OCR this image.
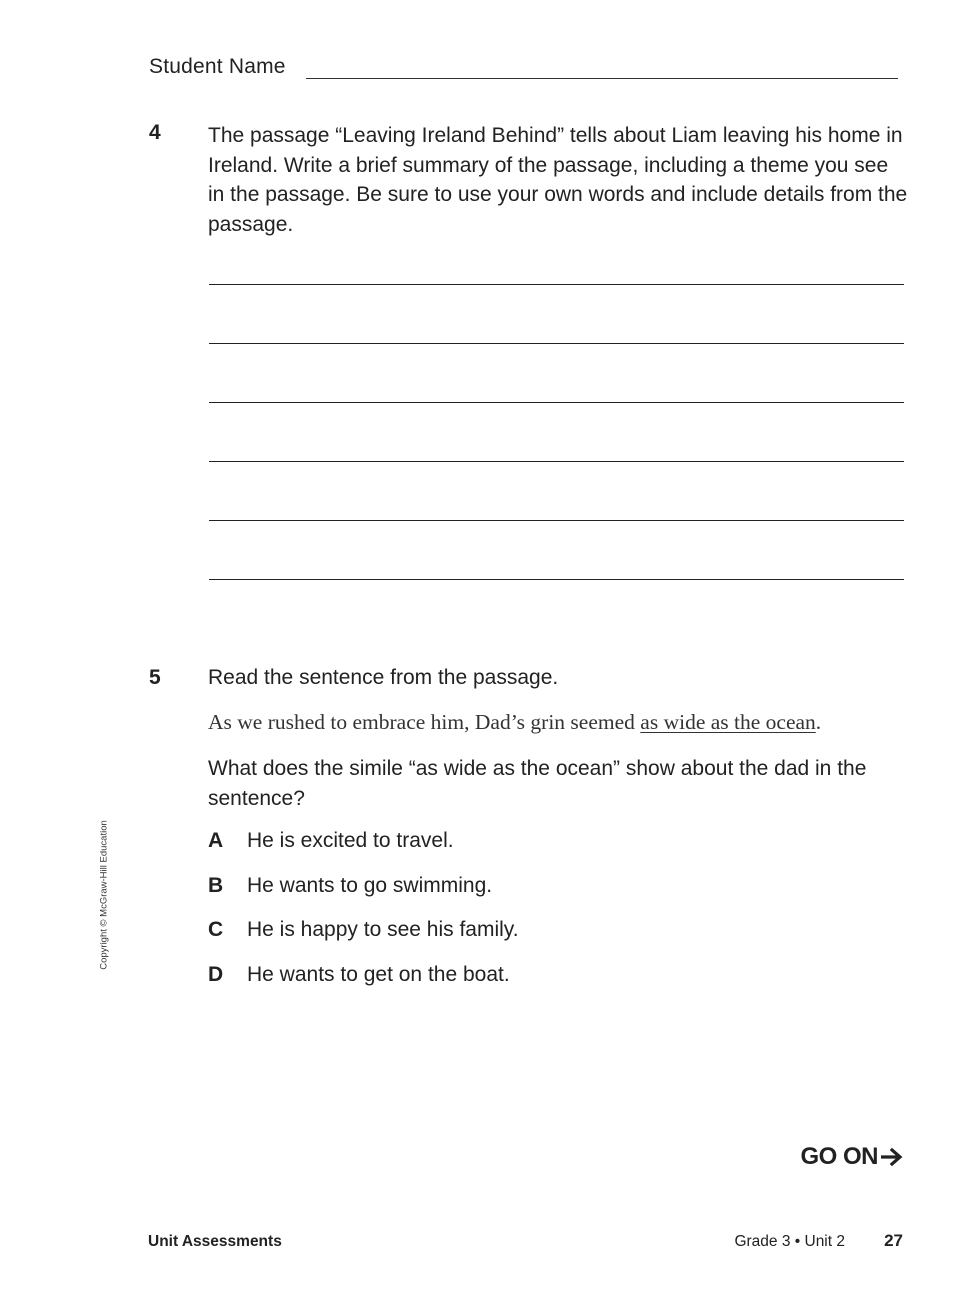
Student Name
4 The passage “Leaving Ireland Behind” tells about Liam leaving his home in Ireland. Write a brief summary of the passage, including a theme you see in the passage. Be sure to use your own words and include details from the passage.
5 Read the sentence from the passage.
As we rushed to embrace him, Dad’s grin seemed as wide as the ocean.
What does the simile “as wide as the ocean” show about the dad in the sentence?
A He is excited to travel.
B He wants to go swimming.
C He is happy to see his family.
D He wants to get on the boat.
Copyright © McGraw-Hill Education
GO ON
Unit Assessments	Grade 3 • Unit 2 27
